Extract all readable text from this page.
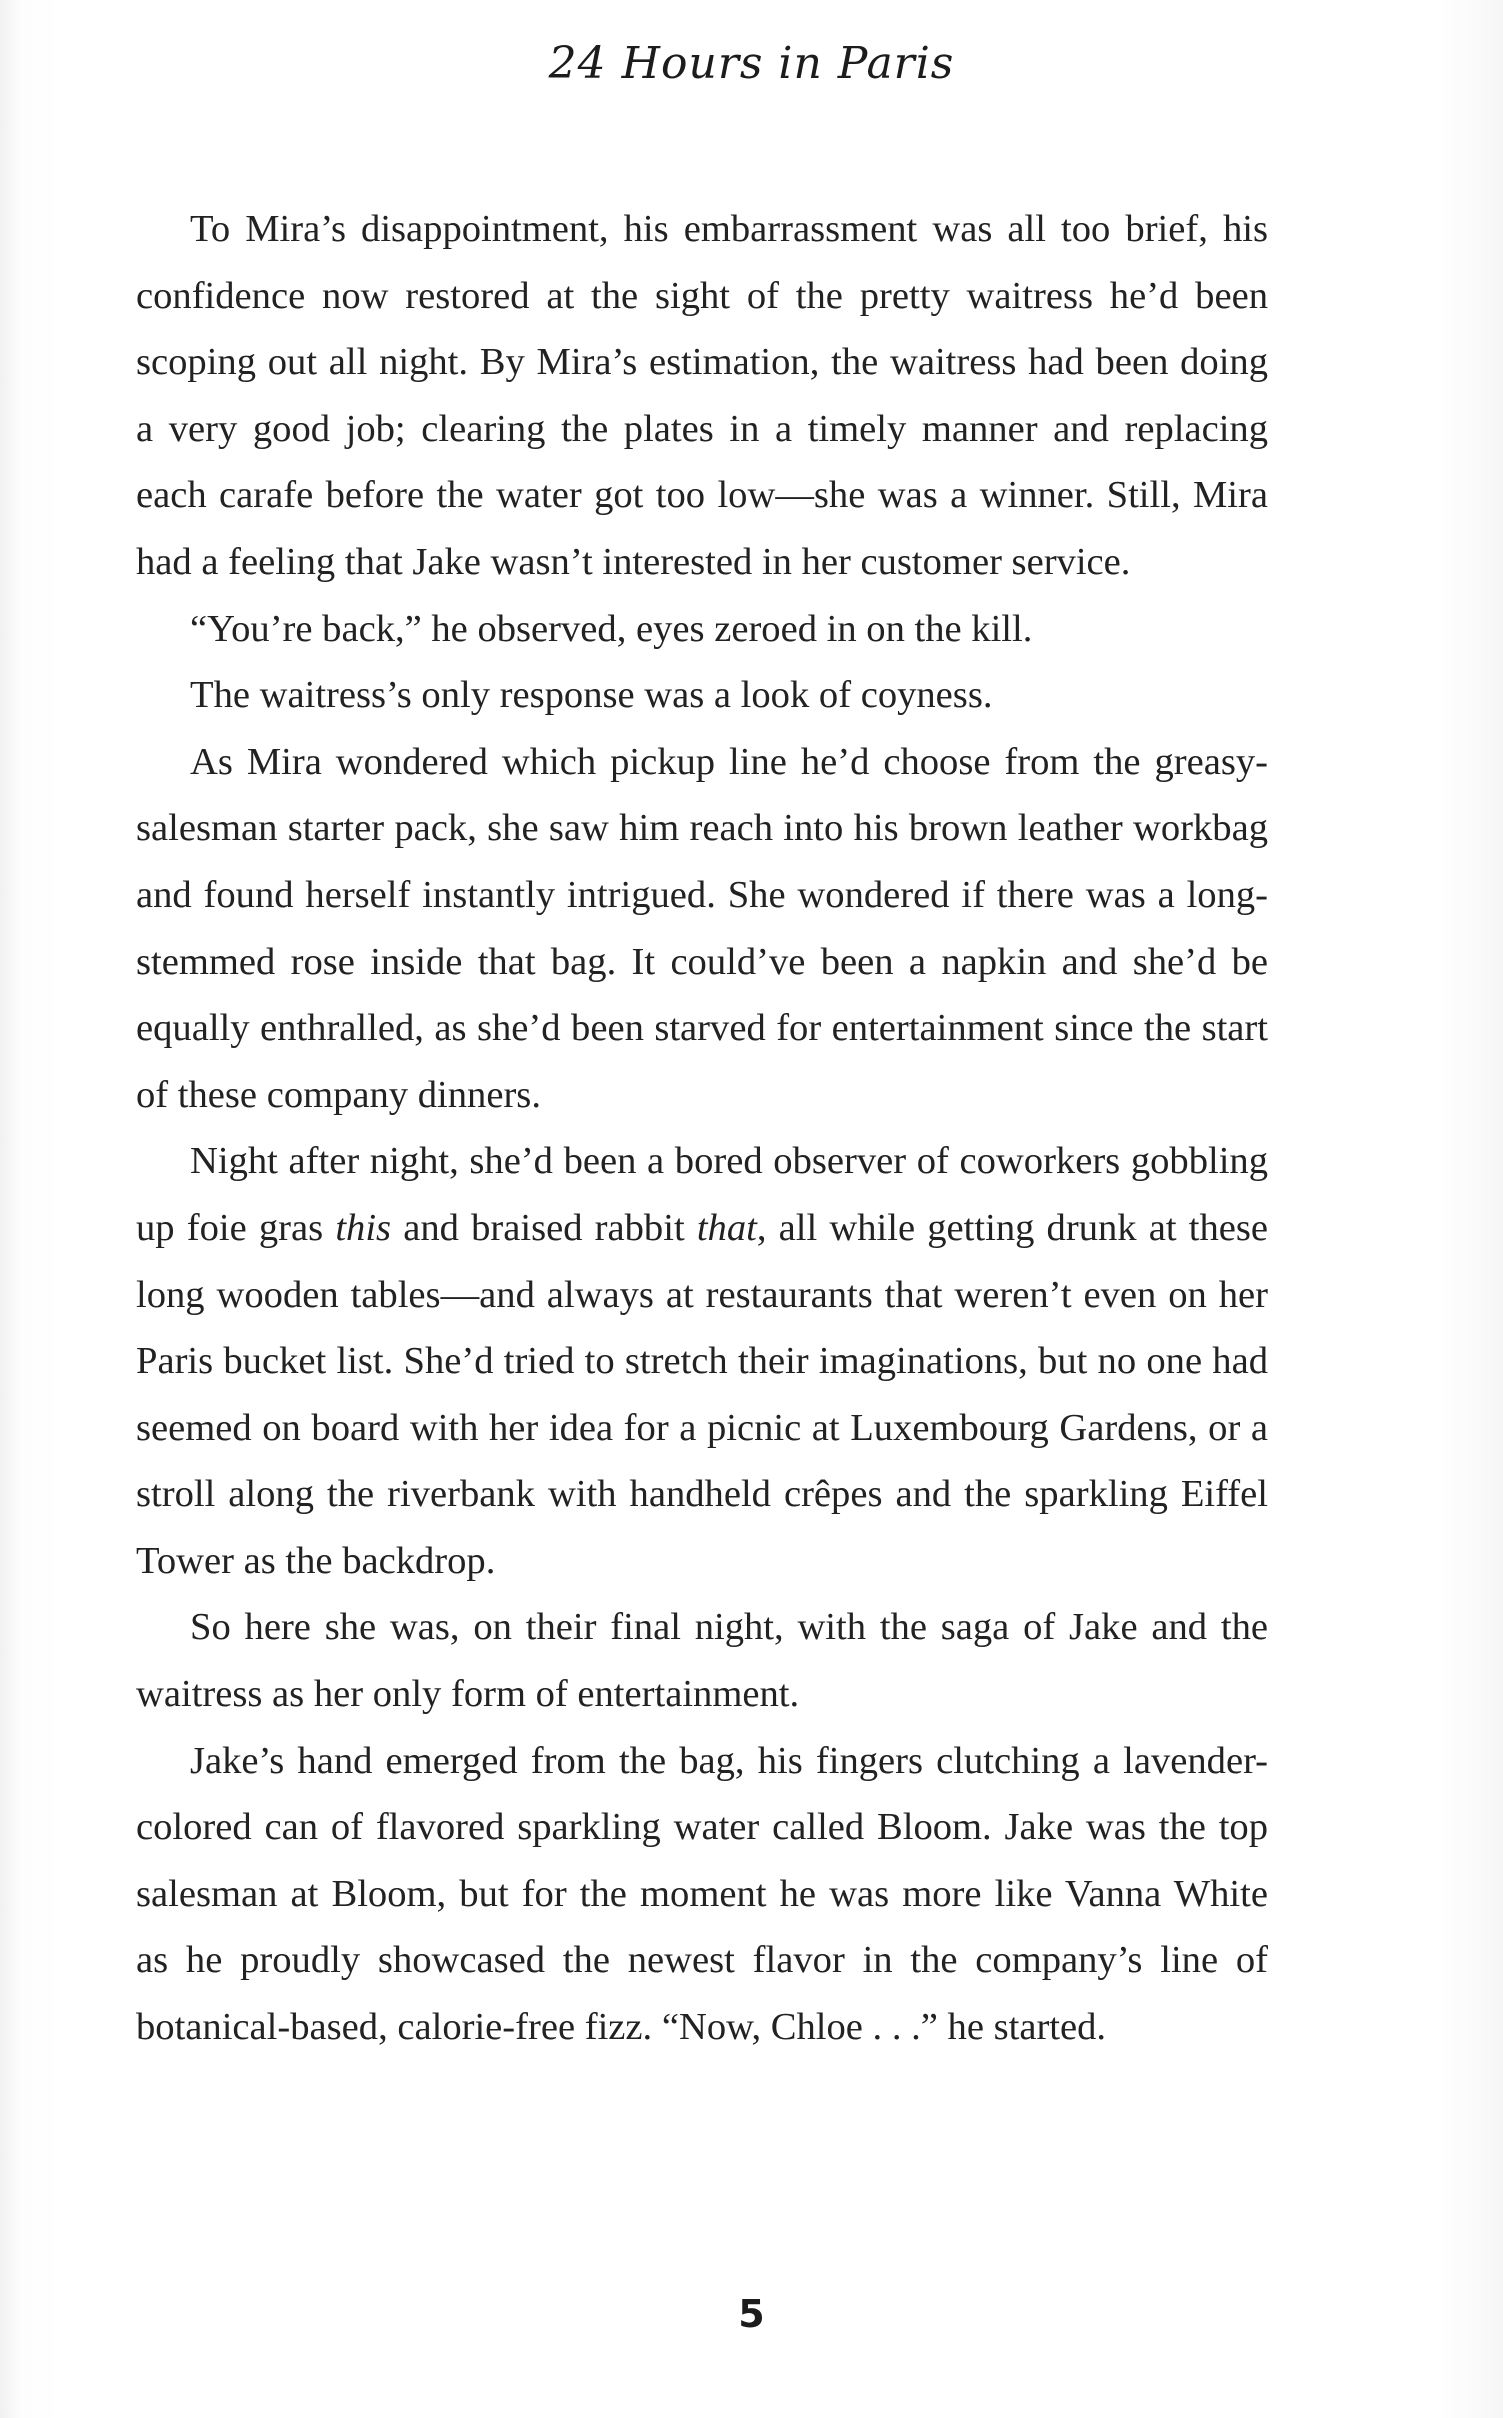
24 Hours in Paris

To Mira’s disappointment, his embarrassment was all too brief, his confidence now restored at the sight of the pretty waitress he’d been scoping out all night. By Mira’s estimation, the waitress had been doing a very good job; clearing the plates in a timely manner and replacing each carafe before the water got too low—she was a winner. Still, Mira had a feeling that Jake wasn’t interested in her customer service.

“You’re back,” he observed, eyes zeroed in on the kill.

The waitress’s only response was a look of coyness.

As Mira wondered which pickup line he’d choose from the greasy-salesman starter pack, she saw him reach into his brown leather workbag and found herself instantly intrigued. She wondered if there was a long-stemmed rose inside that bag. It could’ve been a napkin and she’d be equally enthralled, as she’d been starved for entertainment since the start of these company dinners.

Night after night, she’d been a bored observer of coworkers gobbling up foie gras this and braised rabbit that, all while getting drunk at these long wooden tables—and always at restaurants that weren’t even on her Paris bucket list. She’d tried to stretch their imaginations, but no one had seemed on board with her idea for a picnic at Luxembourg Gardens, or a stroll along the riverbank with handheld crêpes and the sparkling Eiffel Tower as the backdrop.

So here she was, on their final night, with the saga of Jake and the waitress as her only form of entertainment.

Jake’s hand emerged from the bag, his fingers clutching a lavender-colored can of flavored sparkling water called Bloom. Jake was the top salesman at Bloom, but for the moment he was more like Vanna White as he proudly showcased the newest flavor in the company’s line of botanical-based, calorie-free fizz. “Now, Chloe . . .” he started.

5
